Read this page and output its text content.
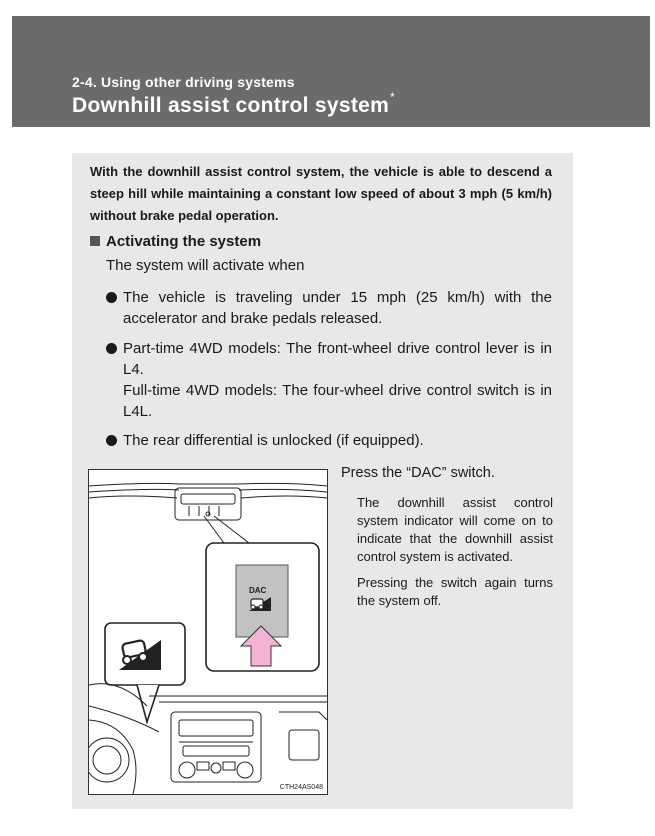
2-4. Using other driving systems
Downhill assist control system*
With the downhill assist control system, the vehicle is able to descend a steep hill while maintaining a constant low speed of about 3 mph (5 km/h) without brake pedal operation.
Activating the system
The system will activate when
The vehicle is traveling under 15 mph (25 km/h) with the accelerator and brake pedals released.
Part-time 4WD models: The front-wheel drive control lever is in L4.
Full-time 4WD models: The four-wheel drive control switch is in L4L.
The rear differential is unlocked (if equipped).
CTH24AS048
DAC
Press the “DAC” switch.
The downhill assist control system indicator will come on to indicate that the downhill assist control system is activated.
Pressing the switch again turns the system off.
